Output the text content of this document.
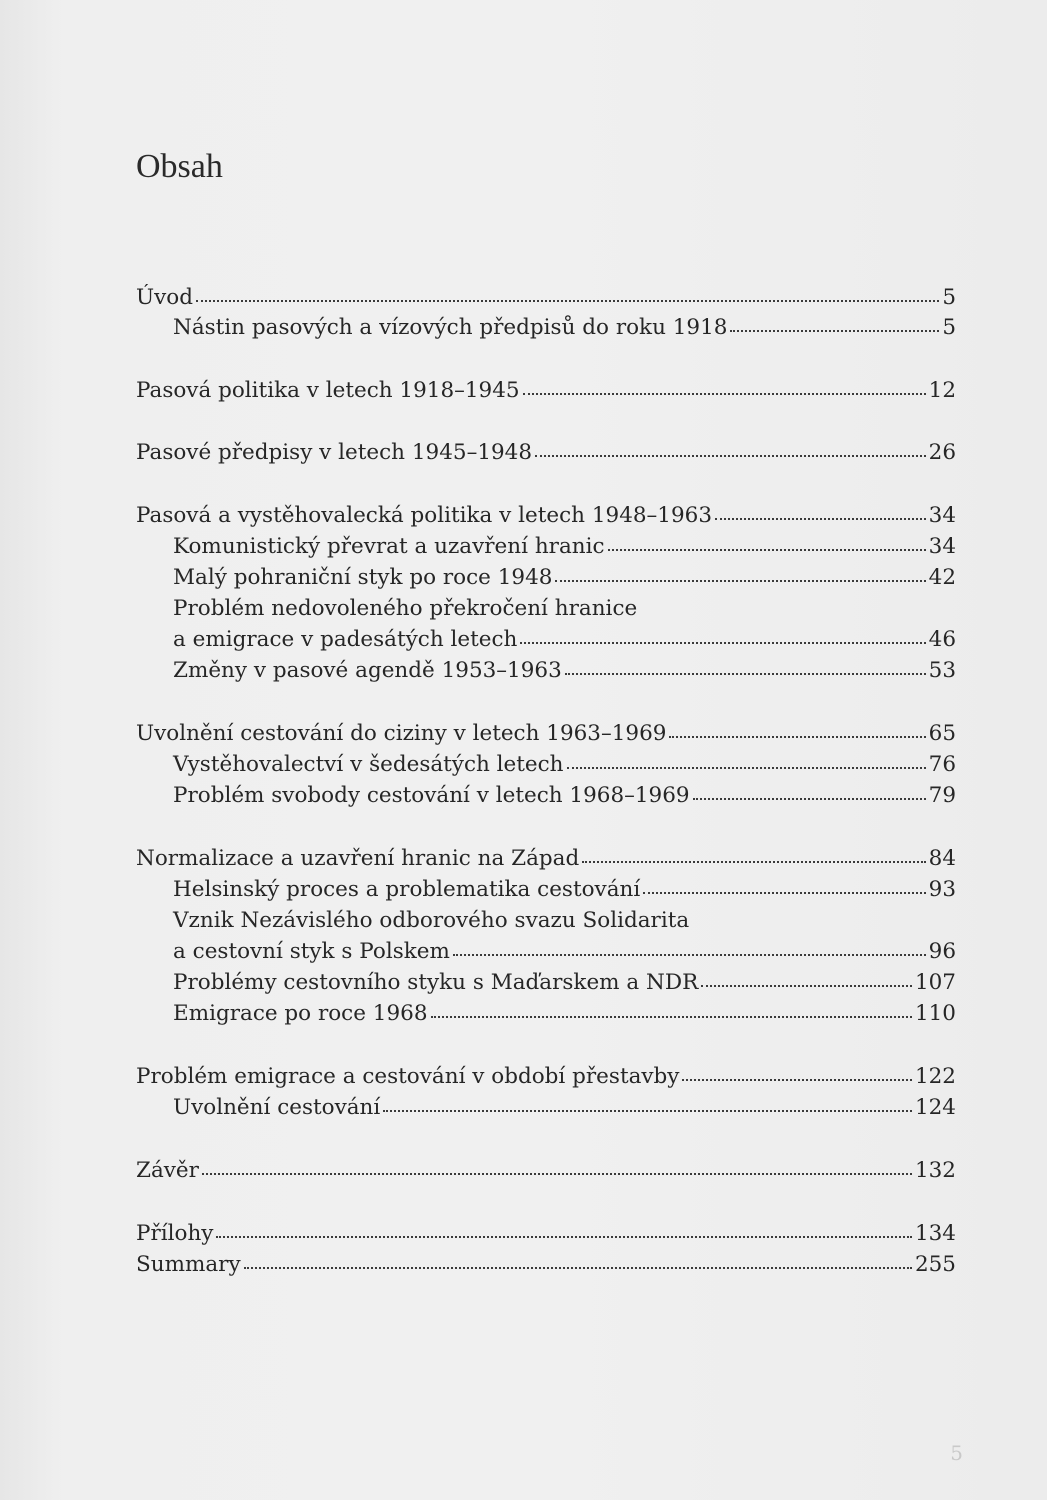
Obsah
Úvod	5
Nástin pasových a vízových předpisů do roku 1918	5
Pasová politika v letech 1918–1945	12
Pasové předpisy v letech 1945–1948	26
Pasová a vystěhovalecká politika v letech 1948–1963	34
Komunistický převrat a uzavření hranic	34
Malý pohraniční styk po roce 1948	42
Problém nedovoleného překročení hranice
a emigrace v padesátých letech	46
Změny v pasové agendě 1953–1963	53
Uvolnění cestování do ciziny v letech 1963–1969	65
Vystěhovalectví v šedesátých letech	76
Problém svobody cestování v letech 1968–1969	79
Normalizace a uzavření hranic na Západ	84
Helsinský proces a problematika cestování	93
Vznik Nezávislého odborového svazu Solidarita
a cestovní styk s Polskem	96
Problémy cestovního styku s Maďarskem a NDR	107
Emigrace po roce 1968	110
Problém emigrace a cestování v období přestavby	122
Uvolnění cestování	124
Závěr	132
Přílohy	134
Summary	255
5
